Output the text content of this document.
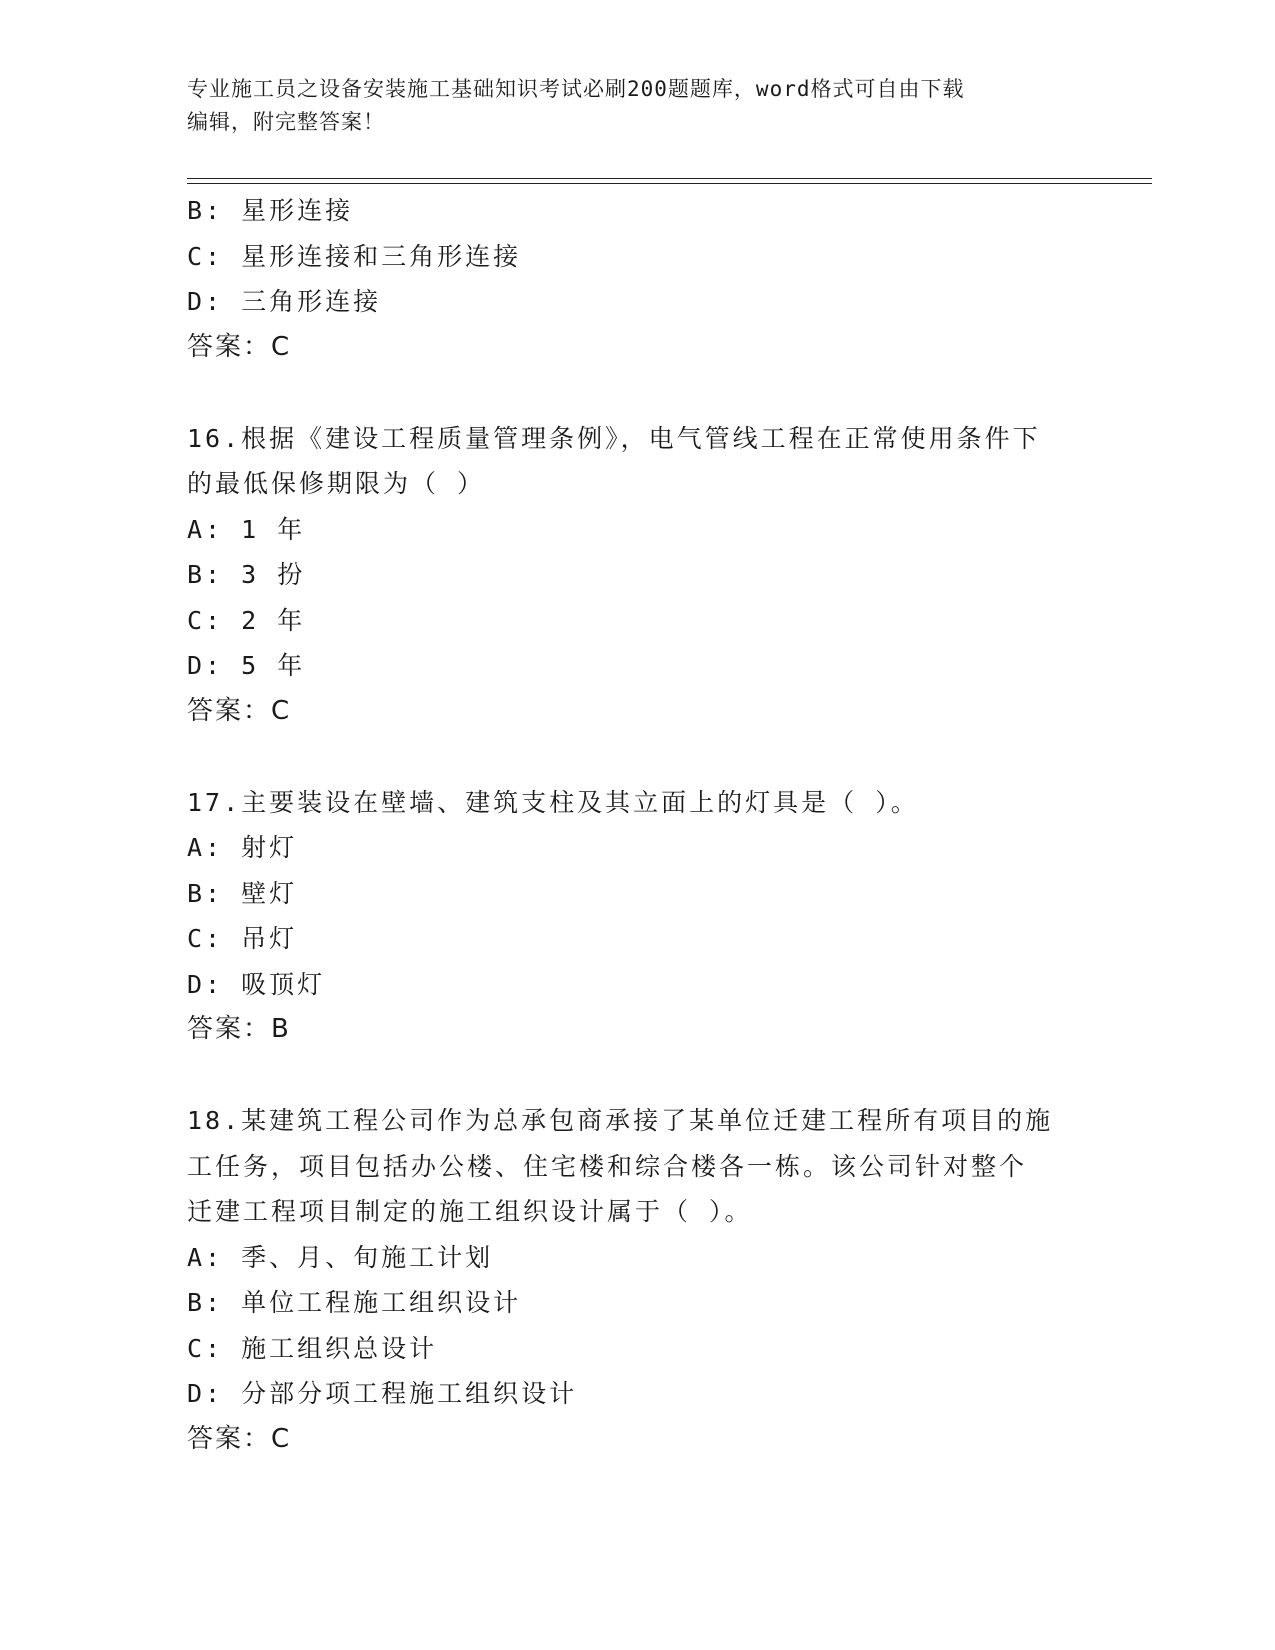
专业施工员之设备安装施工基础知识考试必刷200题题库，word格式可自由下载
编辑，附完整答案！
B: 星形连接
C: 星形连接和三角形连接
D: 三角形连接
答案：C
16.根据《建设工程质量管理条例》，电气管线工程在正常使用条件下
的最低保修期限为（ ）
A: 1 年
B: 3 扮
C: 2 年
D: 5 年
答案：C
17.主要装设在壁墙、建筑支柱及其立面上的灯具是（ ）。
A: 射灯
B: 壁灯
C: 吊灯
D: 吸顶灯
答案：B
18.某建筑工程公司作为总承包商承接了某单位迁建工程所有项目的施
工任务，项目包括办公楼、住宅楼和综合楼各一栋。该公司针对整个
迁建工程项目制定的施工组织设计属于（ ）。
A: 季、月、旬施工计划
B: 单位工程施工组织设计
C: 施工组织总设计
D: 分部分项工程施工组织设计
答案：C
